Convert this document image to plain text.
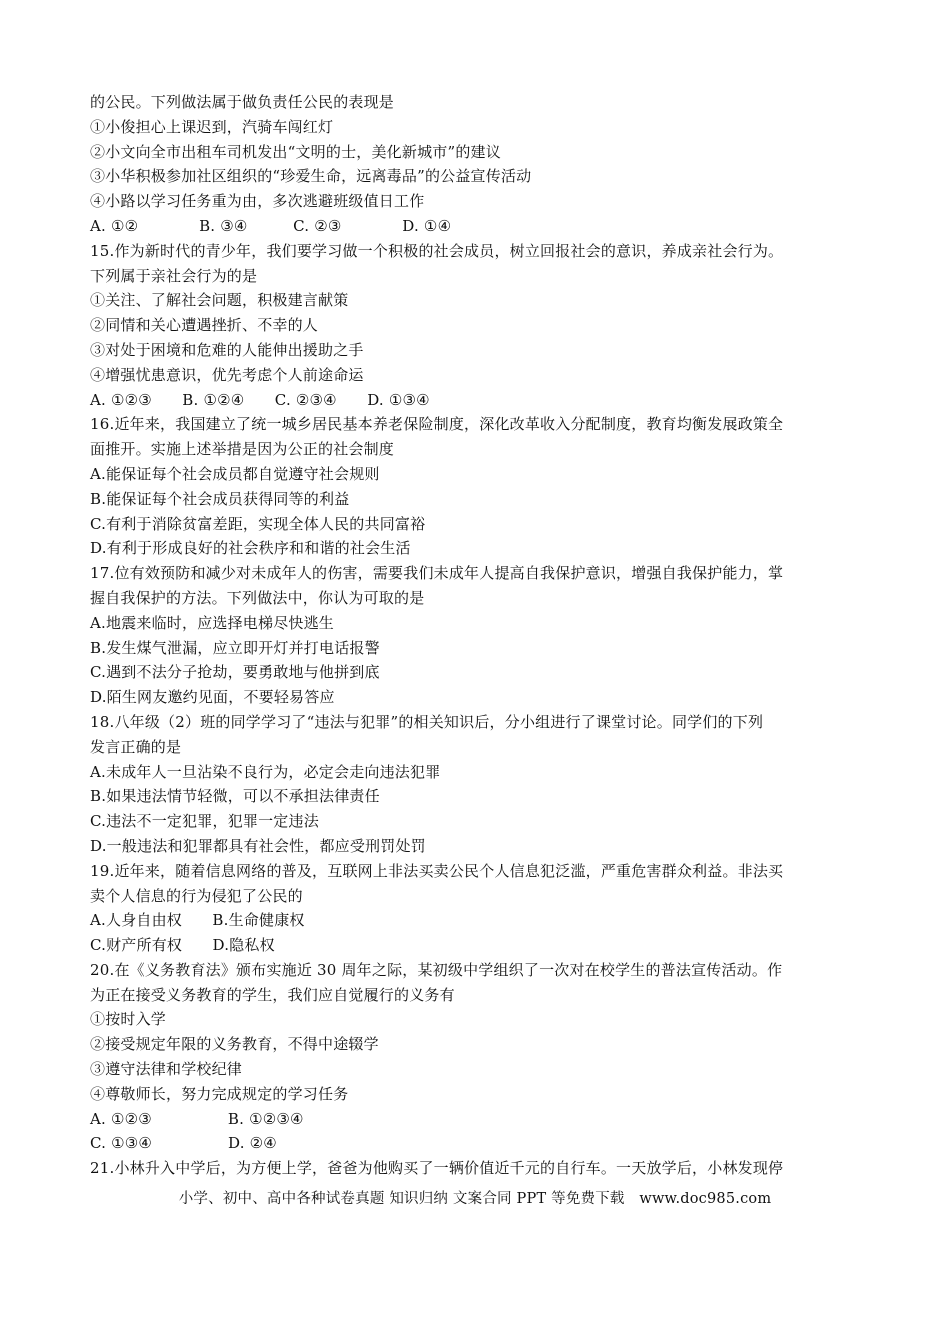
的公民。下列做法属于做负责任公民的表现是
①小俊担心上课迟到，汽骑车闯红灯
②小文向全市出租车司机发出“文明的士，美化新城市”的建议
③小华积极参加社区组织的“珍爱生命，远离毒品”的公益宣传活动
④小路以学习任务重为由，多次逃避班级值日工作
A. ①②　　　　B. ③④　　　C. ②③　　　　D. ①④
15.作为新时代的青少年，我们要学习做一个积极的社会成员，树立回报社会的意识，养成亲社会行为。
下列属于亲社会行为的是
①关注、了解社会问题，积极建言献策
②同情和关心遭遇挫折、不幸的人
③对处于困境和危难的人能伸出援助之手
④增强忧患意识，优先考虑个人前途命运
A. ①②③　　B. ①②④　　C. ②③④　　D. ①③④
16.近年来，我国建立了统一城乡居民基本养老保险制度，深化改革收入分配制度，教育均衡发展政策全
面推开。实施上述举措是因为公正的社会制度
A.能保证每个社会成员都自觉遵守社会规则
B.能保证每个社会成员获得同等的利益
C.有利于消除贫富差距，实现全体人民的共同富裕
D.有利于形成良好的社会秩序和和谐的社会生活
17.位有效预防和减少对未成年人的伤害，需要我们未成年人提高自我保护意识，增强自我保护能力，掌
握自我保护的方法。下列做法中，你认为可取的是
A.地震来临时，应选择电梯尽快逃生
B.发生煤气泄漏，应立即开灯并打电话报警
C.遇到不法分子抢劫，要勇敢地与他拼到底
D.陌生网友邀约见面，不要轻易答应
18.八年级（2）班的同学学习了“违法与犯罪”的相关知识后，分小组进行了课堂讨论。同学们的下列
发言正确的是
A.未成年人一旦沾染不良行为，必定会走向违法犯罪
B.如果违法情节轻微，可以不承担法律责任
C.违法不一定犯罪，犯罪一定违法
D.一般违法和犯罪都具有社会性，都应受刑罚处罚
19.近年来，随着信息网络的普及，互联网上非法买卖公民个人信息犯泛滥，严重危害群众利益。非法买
卖个人信息的行为侵犯了公民的
A.人身自由权　　B.生命健康权
C.财产所有权　　D.隐私权
20.在《义务教育法》颁布实施近 30 周年之际，某初级中学组织了一次对在校学生的普法宣传活动。作
为正在接受义务教育的学生，我们应自觉履行的义务有
①按时入学
②接受规定年限的义务教育，不得中途辍学
③遵守法律和学校纪律
④尊敬师长，努力完成规定的学习任务
A. ①②③　　　　　B. ①②③④
C. ①③④　　　　　D. ②④
21.小林升入中学后，为方便上学，爸爸为他购买了一辆价值近千元的自行车。一天放学后，小林发现停
小学、初中、高中各种试卷真题 知识归纳 文案合同 PPT 等免费下载　www.doc985.com
